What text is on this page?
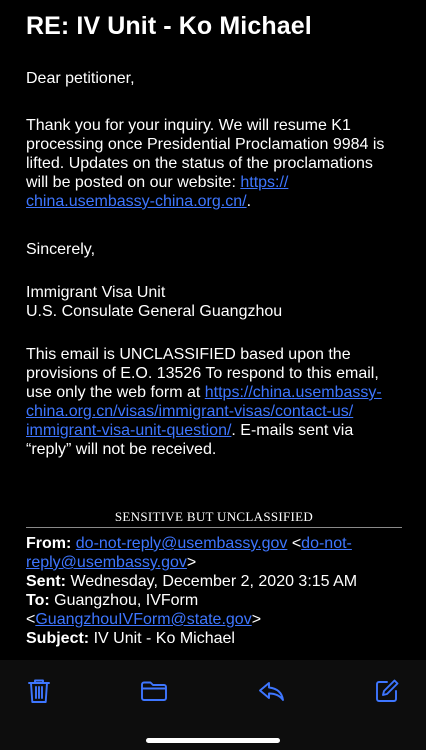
RE: IV Unit - Ko Michael
Dear petitioner,
Thank you for your inquiry. We will resume K1
processing once Presidential Proclamation 9984 is
lifted. Updates on the status of the proclamations
will be posted on our website: https://
china.usembassy-china.org.cn/.
Sincerely,
Immigrant Visa Unit
U.S. Consulate General Guangzhou
This email is UNCLASSIFIED based upon the
provisions of E.O. 13526 To respond to this email,
use only the web form at https://china.usembassy-
china.org.cn/visas/immigrant-visas/contact-us/
immigrant-visa-unit-question/. E-mails sent via
“reply” will not be received.
SENSITIVE BUT UNCLASSIFIED
From: do-not-reply@usembassy.gov <do-not-
reply@usembassy.gov>
Sent: Wednesday, December 2, 2020 3:15 AM
To: Guangzhou, IVForm
<GuangzhouIVForm@state.gov>
Subject: IV Unit - Ko Michael
